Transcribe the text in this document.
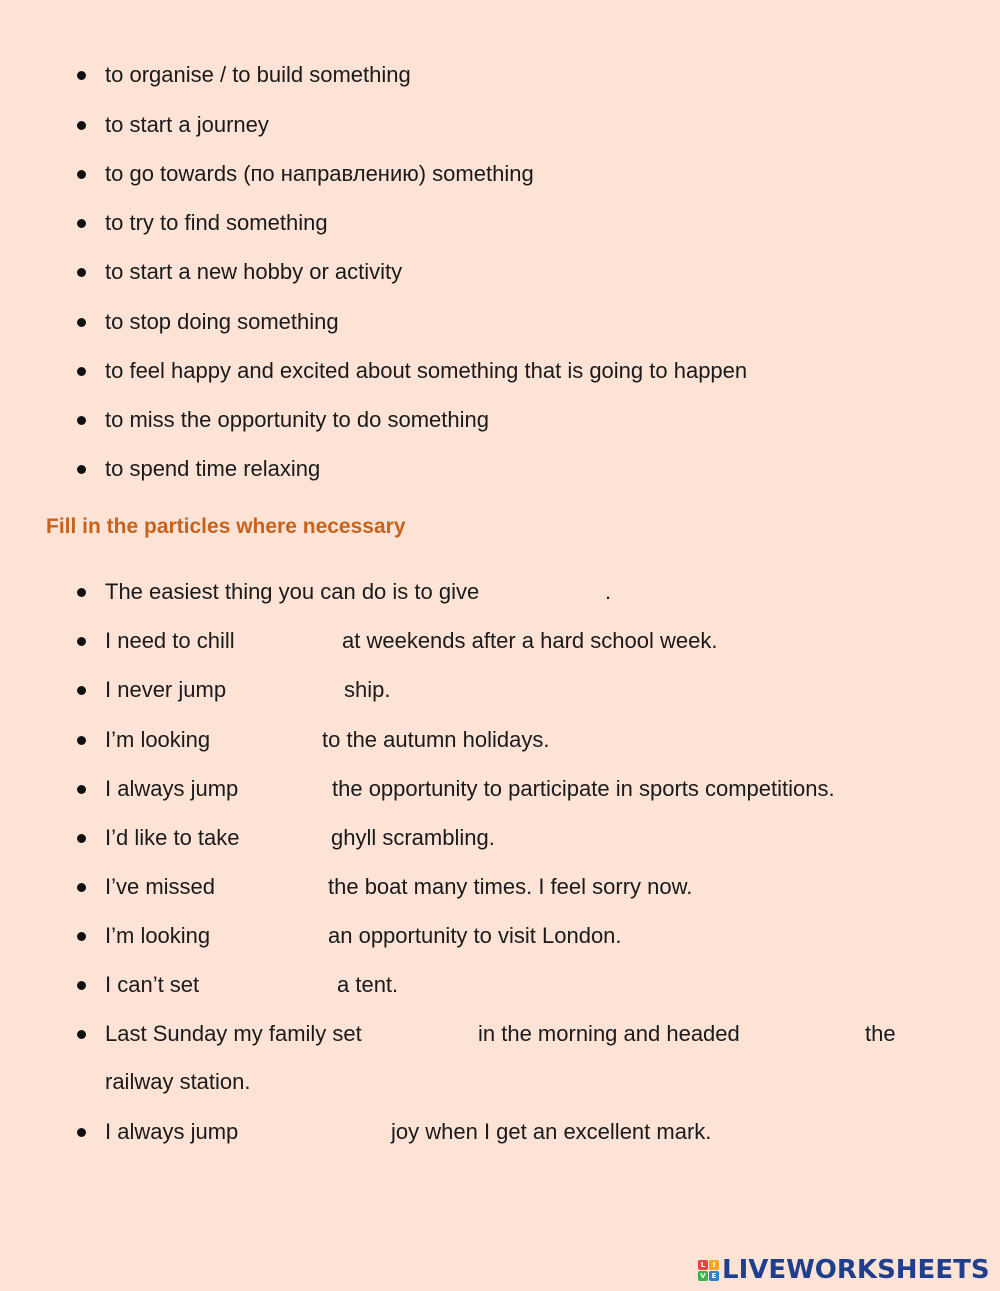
to organise / to build something
to start a journey
to go towards (по направлению) something
to try to find something
to start a new hobby or activity
to stop doing something
to feel happy and excited about something that is going to happen
to miss the opportunity to do something
to spend time relaxing
Fill in the particles where necessary
The easiest thing you can do is to give	.
I need to chill	at weekends after a hard school week.
I never jump	ship.
I’m looking	to the autumn holidays.
I always jump	the opportunity to participate in sports competitions.
I’d like to take	ghyll scrambling.
I’ve missed	the boat many times. I feel sorry now.
I’m looking	an opportunity to visit London.
I can’t set	a tent.
Last Sunday my family set	in the morning and headed	the
railway station.
I always jump	joy when I get an excellent mark.
L	I
V E LIVEWORKSHEETS
